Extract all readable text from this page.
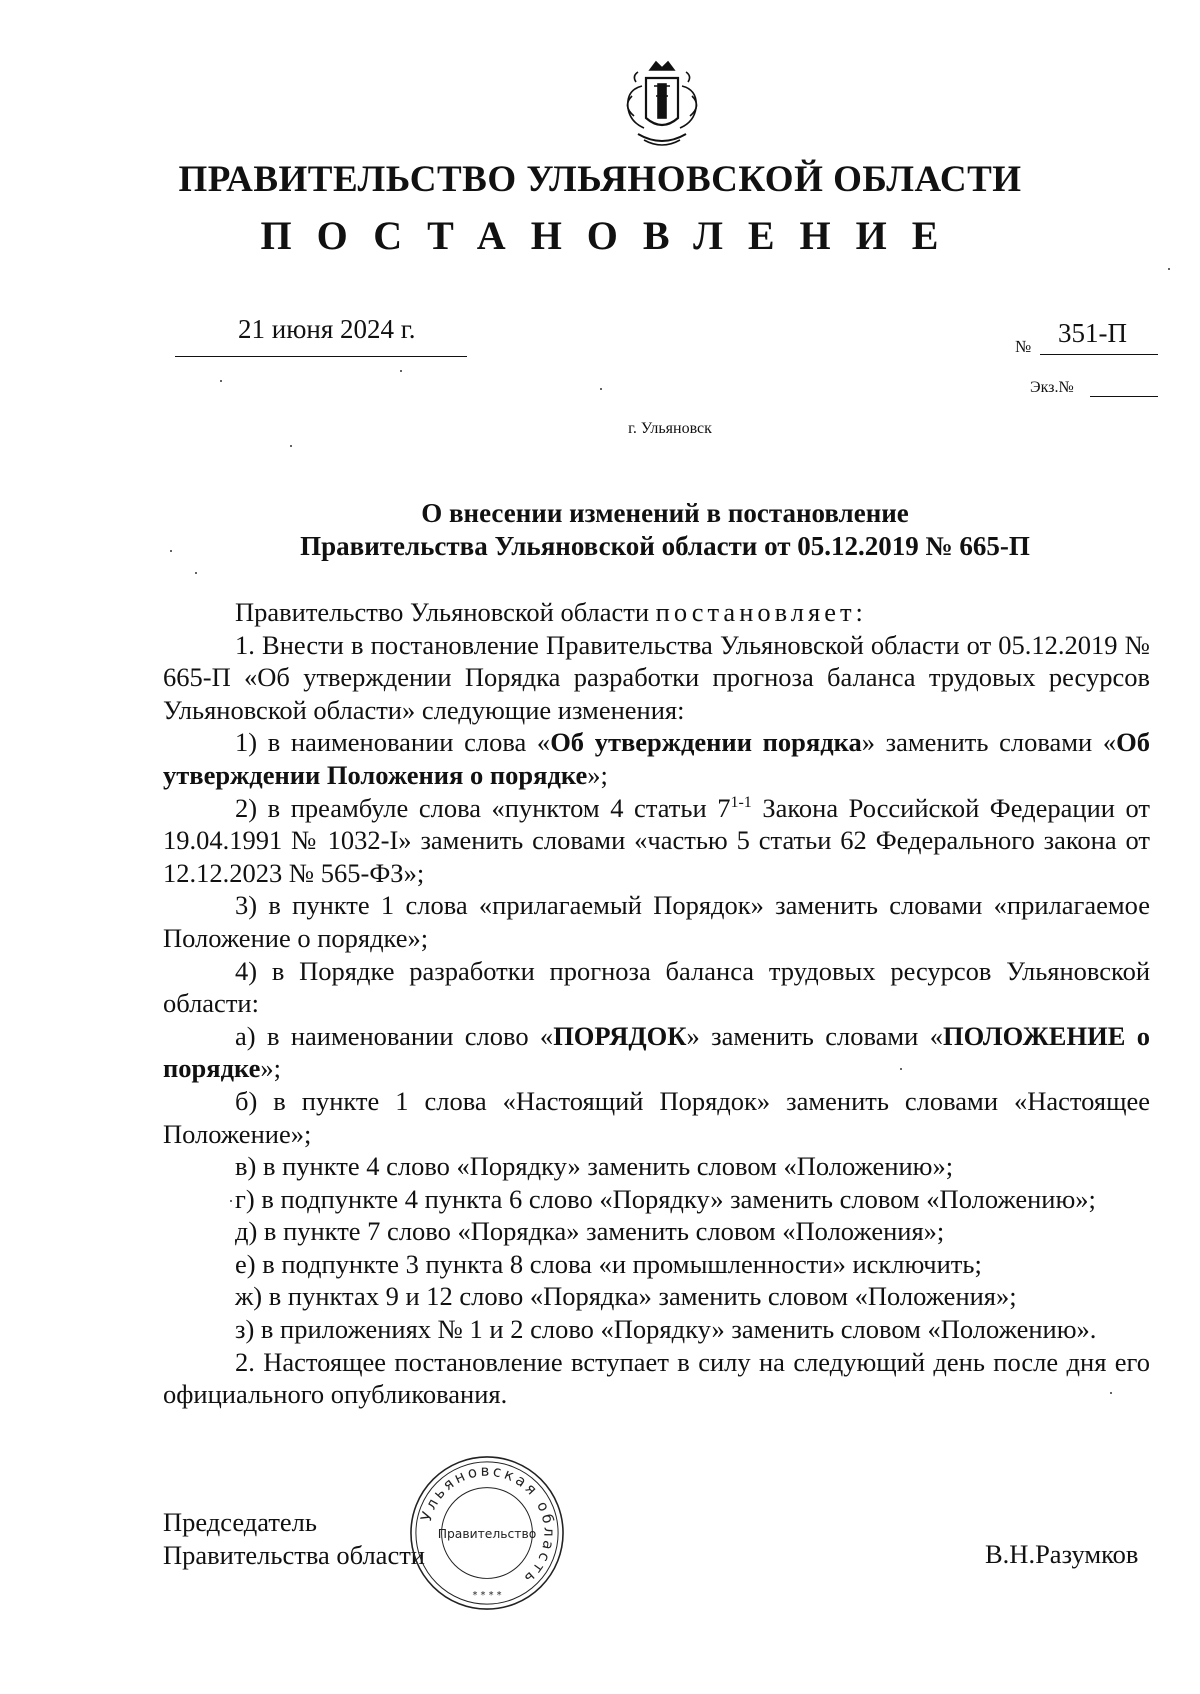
ПРАВИТЕЛЬСТВО УЛЬЯНОВСКОЙ ОБЛАСТИ
ПОСТАНОВЛЕНИЕ
21 июня 2024 г.
№ 351-П
Экз.№
г. Ульяновск
О внесении изменений в постановление
Правительства Ульяновской области от 05.12.2019 № 665-П

Правительство Ульяновской области постановляет:

1. Внести в постановление Правительства Ульяновской области от 05.12.2019 № 665-П «Об утверждении Порядка разработки прогноза баланса трудовых ресурсов Ульяновской области» следующие изменения:

1) в наименовании слова «Об утверждении порядка» заменить словами «Об утверждении Положения о порядке»;

2) в преамбуле слова «пунктом 4 статьи 7$^{1-1}$ Закона Российской Федерации от 19.04.1991 № 1032-I» заменить словами «частью 5 статьи 62 Федерального закона от 12.12.2023 № 565-ФЗ»;

3) в пункте 1 слова «прилагаемый Порядок» заменить словами «прилагаемое Положение о порядке»;

4) в Порядке разработки прогноза баланса трудовых ресурсов Ульяновской области:

а) в наименовании слово «ПОРЯДОК» заменить словами «ПОЛОЖЕНИЕ о порядке»;

б) в пункте 1 слова «Настоящий Порядок» заменить словами «Настоящее Положение»;

в) в пункте 4 слово «Порядку» заменить словом «Положению»;

г) в подпункте 4 пункта 6 слово «Порядку» заменить словом «Положению»;

д) в пункте 7 слово «Порядка» заменить словом «Положения»;

е) в подпункте 3 пункта 8 слова «и промышленности» исключить;

ж) в пунктах 9 и 12 слово «Порядка» заменить словом «Положения»;

з) в приложениях № 1 и 2 слово «Порядку» заменить словом «Положению».

2. Настоящее постановление вступает в силу на следующий день после дня его официального опубликования.

Председатель
Правительства области	В.Н.Разумков
Ульяновская область
Правительство
* * * *
